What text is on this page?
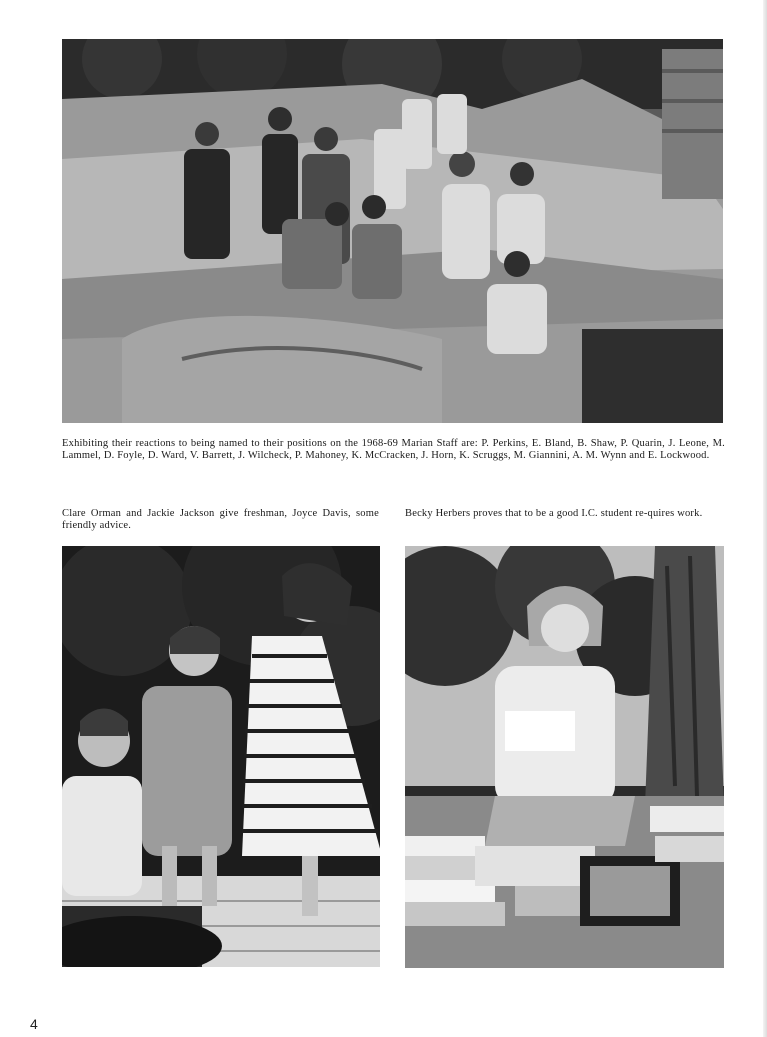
Exhibiting their reactions to being named to their positions on the 1968-69 Marian Staff are: P. Perkins, E. Bland, B. Shaw, P. Quarin, J. Leone, M. Lammel, D. Foyle, D. Ward, V. Barrett, J. Wilcheck, P. Mahoney, K. McCracken, J. Horn, K. Scruggs, M. Giannini, A. M. Wynn and E. Lockwood.

Clare Orman and Jackie Jackson give freshman, Joyce Davis, some friendly advice.

Becky Herbers proves that to be a good I.C. student re-quires work.

4
